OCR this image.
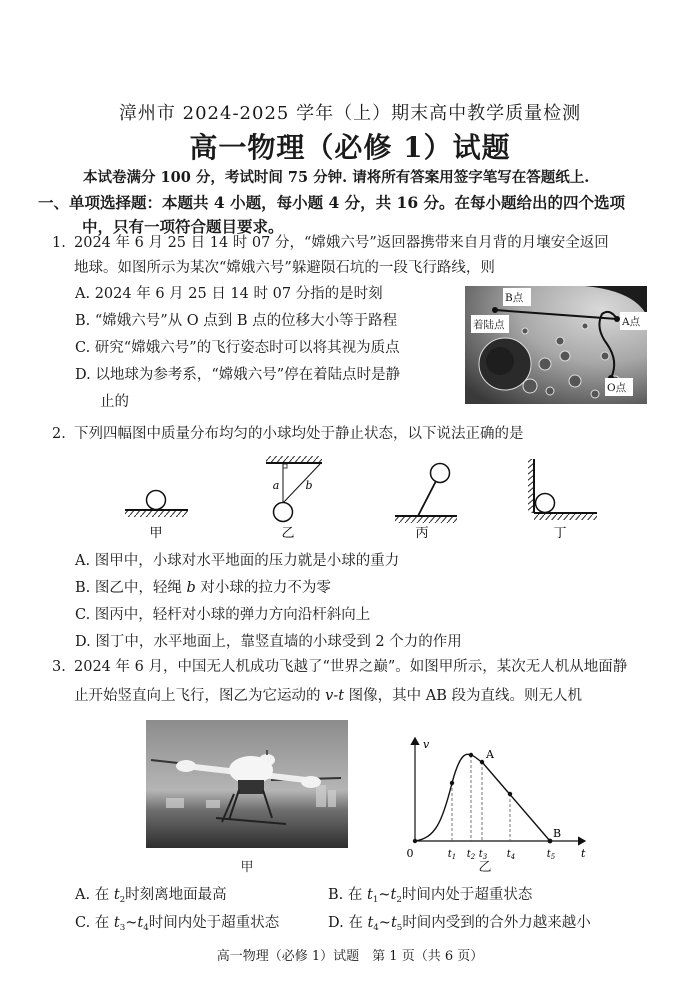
漳州市 2024-2025 学年（上）期末高中教学质量检测
高一物理（必修 1）试题
本试卷满分 100 分，考试时间 75 分钟. 请将所有答案用签字笔写在答题纸上.
一、单项选择题：本题共 4 小题，每小题 4 分，共 16 分。在每小题给出的四个选项
中，只有一项符合题目要求。
1. 2024 年 6 月 25 日 14 时 07 分，“嫦娥六号”返回器携带来自月背的月壤安全返回
地球。如图所示为某次“嫦娥六号”躲避陨石坑的一段飞行路线，则
A. 2024 年 6 月 25 日 14 时 07 分指的是时刻
B. “嫦娥六号”从 O 点到 B 点的位移大小等于路程
C. 研究“嫦娥六号”的飞行姿态时可以将其视为质点
D. 以地球为参考系，“嫦娥六号”停在着陆点时是静
止的
B点
着陆点	A点
O点
2. 下列四幅图中质量分布均匀的小球均处于静止状态，以下说法正确的是
甲
a b
乙	丙	丁
A. 图甲中，小球对水平地面的压力就是小球的重力
B. 图乙中，轻绳 b 对小球的拉力不为零
C. 图丙中，轻杆对小球的弹力方向沿杆斜向上
D. 图丁中，水平地面上，靠竖直墙的小球受到 2 个力的作用
3. 2024 年 6 月，中国无人机成功飞越了“世界之巅”。如图甲所示，某次无人机从地面静
止开始竖直向上飞行，图乙为它运动的 v-t 图像，其中 AB 段为直线。则无人机
甲
v
t
0
A
B
$t_1$ $t_2$ $t_3$ $t_4$	$t_5$
乙
A. 在 $t_2$时刻离地面最高	B. 在 $t_1\sim t_2$时间内处于超重状态
C. 在 $t_3\sim t_4$时间内处于超重状态	D. 在 $t_4\sim t_5$时间内受到的合外力越来越小
高一物理（必修 1）试题　第 1 页（共 6 页）
